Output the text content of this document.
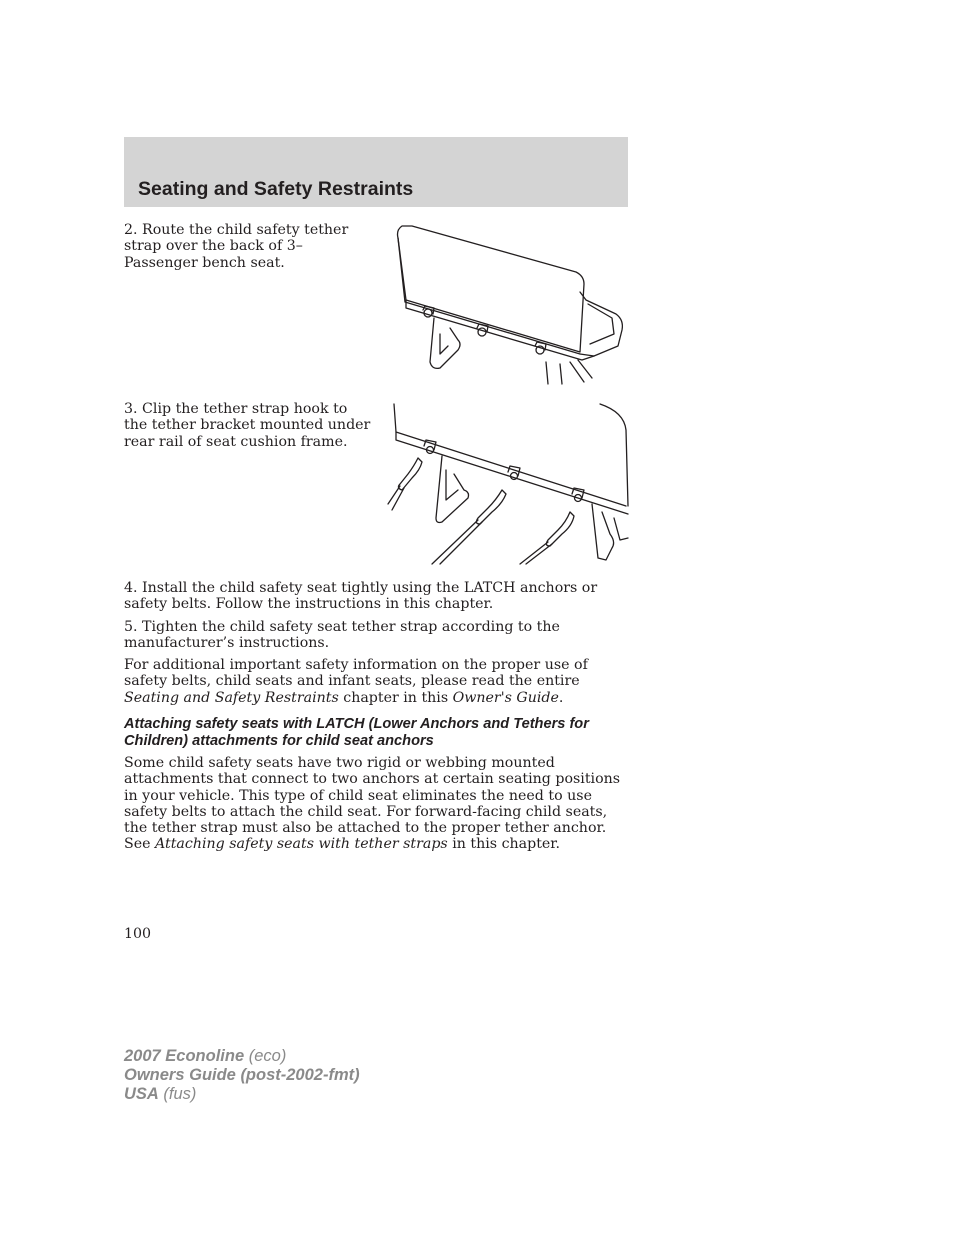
Seating and Safety Restraints

2. Route the child safety tether strap over the back of 3–Passenger bench seat.

3. Clip the tether strap hook to the tether bracket mounted under rear rail of seat cushion frame.

4. Install the child safety seat tightly using the LATCH anchors or safety belts. Follow the instructions in this chapter.

5. Tighten the child safety seat tether strap according to the manufacturer’s instructions.

For additional important safety information on the proper use of safety belts, child seats and infant seats, please read the entire Seating and Safety Restraints chapter in this Owner's Guide.

Attaching safety seats with LATCH (Lower Anchors and Tethers for Children) attachments for child seat anchors

Some child safety seats have two rigid or webbing mounted attachments that connect to two anchors at certain seating positions in your vehicle. This type of child seat eliminates the need to use safety belts to attach the child seat. For forward-facing child seats, the tether strap must also be attached to the proper tether anchor. See Attaching safety seats with tether straps in this chapter.

100

2007 Econoline (eco)
Owners Guide (post-2002-fmt)
USA (fus)
